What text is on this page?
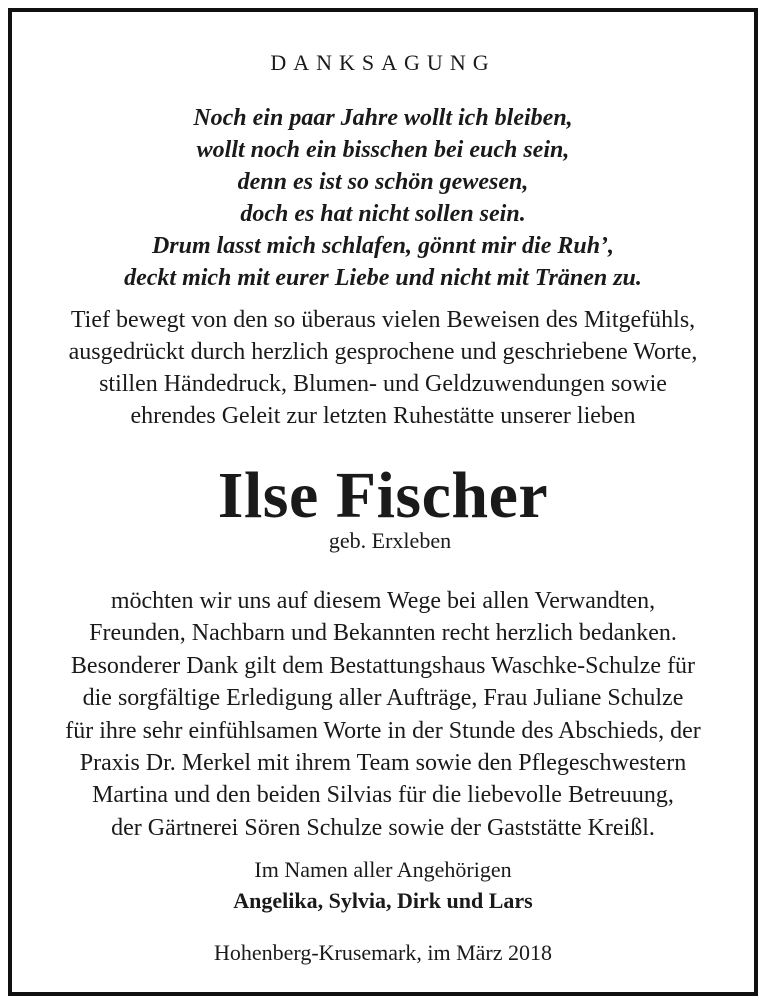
DANKSAGUNG
Noch ein paar Jahre wollt ich bleiben,
wollt noch ein bisschen bei euch sein,
denn es ist so schön gewesen,
doch es hat nicht sollen sein.
Drum lasst mich schlafen, gönnt mir die Ruh’,
deckt mich mit eurer Liebe und nicht mit Tränen zu.
Tief bewegt von den so überaus vielen Beweisen des Mitgefühls,
ausgedrückt durch herzlich gesprochene und geschriebene Worte,
stillen Händedruck, Blumen- und Geldzuwendungen sowie
ehrendes Geleit zur letzten Ruhestätte unserer lieben
Ilse Fischer
geb. Erxleben
möchten wir uns auf diesem Wege bei allen Verwandten,
Freunden, Nachbarn und Bekannten recht herzlich bedanken.
Besonderer Dank gilt dem Bestattungshaus Waschke-Schulze für
die sorgfältige Erledigung aller Aufträge, Frau Juliane Schulze
für ihre sehr einfühlsamen Worte in der Stunde des Abschieds, der
Praxis Dr. Merkel mit ihrem Team sowie den Pflegeschwestern
Martina und den beiden Silvias für die liebevolle Betreuung,
der Gärtnerei Sören Schulze sowie der Gaststätte Kreißl.
Im Namen aller Angehörigen
Angelika, Sylvia, Dirk und Lars
Hohenberg-Krusemark, im März 2018
